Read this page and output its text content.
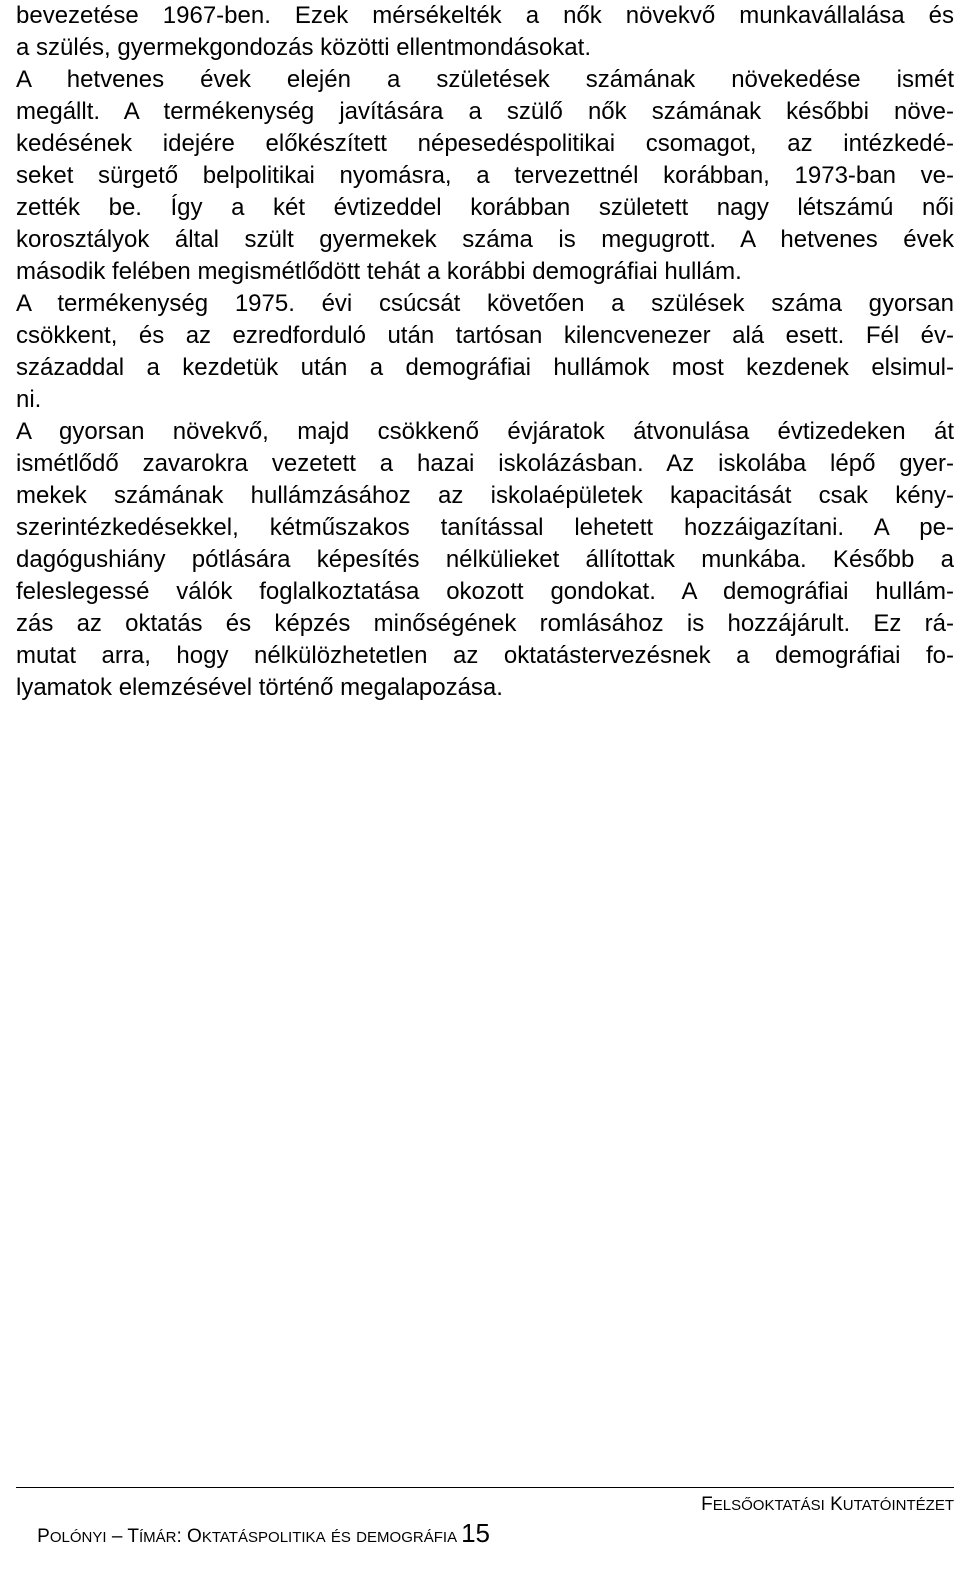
bevezetése 1967-ben. Ezek mérsékelték a nők növekvő munkavállalása és
a szülés, gyermekgondozás közötti ellentmondásokat.
A hetvenes évek elején a születések számának növekedése ismét
megállt. A termékenység javítására a szülő nők számának későbbi növe-
kedésének idejére előkészített népesedéspolitikai csomagot, az intézkedé-
seket sürgető belpolitikai nyomásra, a tervezettnél korábban, 1973-ban ve-
zették be. Így a két évtizeddel korábban született nagy létszámú női
korosztályok által szült gyermekek száma is megugrott. A hetvenes évek
második felében megismétlődött tehát a korábbi demográfiai hullám.
A termékenység 1975. évi csúcsát követően a szülések száma gyorsan
csökkent, és az ezredforduló után tartósan kilencvenezer alá esett. Fél év-
századdal a kezdetük után a demográfiai hullámok most kezdenek elsimul-
ni.
A gyorsan növekvő, majd csökkenő évjáratok átvonulása évtizedeken át
ismétlődő zavarokra vezetett a hazai iskolázásban. Az iskolába lépő gyer-
mekek számának hullámzásához az iskolaépületek kapacitását csak kény-
szerintézkedésekkel, kétműszakos tanítással lehetett hozzáigazítani. A pe-
dagógushiány pótlására képesítés nélkülieket állítottak munkába. Később a
feleslegessé válók foglalkoztatása okozott gondokat. A demográfiai hullám-
zás az oktatás és képzés minőségének romlásához is hozzájárult. Ez rá-
mutat arra, hogy nélkülözhetetlen az oktatástervezésnek a demográfiai fo-
lyamatok elemzésével történő megalapozása.

POLÓNYI – TÍMÁR: OKTATÁSPOLITIKA ÉS DEMOGRÁFIA 15

FELSŐOKTATÁSI KUTATÓINTÉZET
